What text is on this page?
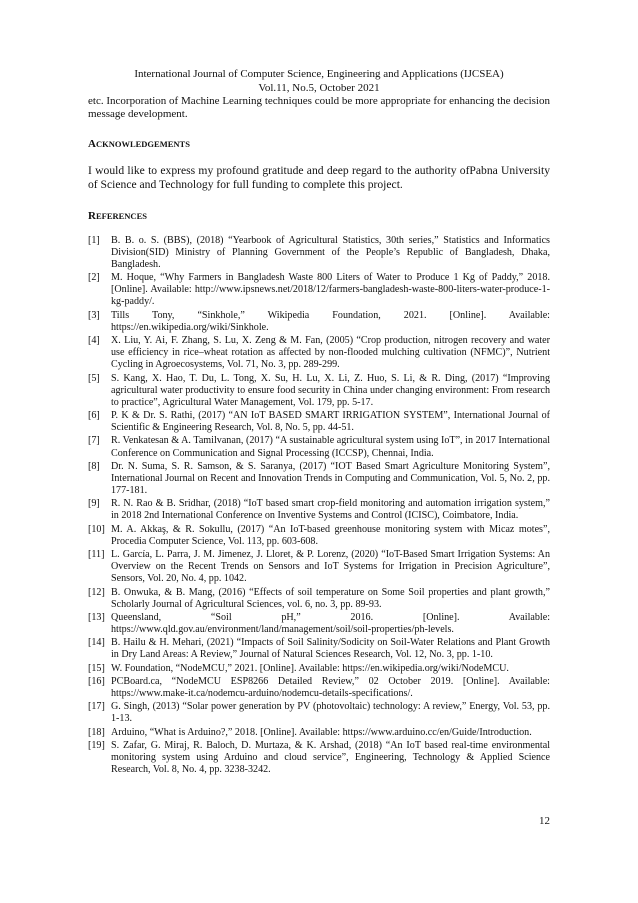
International Journal of Computer Science, Engineering and Applications (IJCSEA)
Vol.11, No.5, October 2021

etc. Incorporation of Machine Learning techniques could be more appropriate for enhancing the decision message development.

ACKNOWLEDGEMENTS

I would like to express my profound gratitude and deep regard to the authority ofPabna University of Science and Technology for full funding to complete this project.

REFERENCES
[1] B. B. o. S. (BBS), (2018) “Yearbook of Agricultural Statistics, 30th series,” Statistics and Informatics Division(SID) Ministry of Planning Government of the People’s Republic of Bangladesh, Dhaka, Bangladesh.
[2] M. Hoque, “Why Farmers in Bangladesh Waste 800 Liters of Water to Produce 1 Kg of Paddy,” 2018. [Online]. Available: http://www.ipsnews.net/2018/12/farmers-bangladesh-waste-800-liters-water-produce-1-kg-paddy/.
[3] Tills Tony, “Sinkhole,” Wikipedia Foundation, 2021. [Online]. Available: https://en.wikipedia.org/wiki/Sinkhole.
[4] X. Liu, Y. Ai, F. Zhang, S. Lu, X. Zeng & M. Fan, (2005) “Crop production, nitrogen recovery and water use efficiency in rice–wheat rotation as affected by non-flooded mulching cultivation (NFMC)”, Nutrient Cycling in Agroecosystems, Vol. 71, No. 3, pp. 289-299.
[5] S. Kang, X. Hao, T. Du, L. Tong, X. Su, H. Lu, X. Li, Z. Huo, S. Li, & R. Ding, (2017) “Improving agricultural water productivity to ensure food security in China under changing environment: From research to practice”, Agricultural Water Management, Vol. 179, pp. 5-17.
[6] P. K & Dr. S. Rathi, (2017) “AN IoT BASED SMART IRRIGATION SYSTEM”, International Journal of Scientific & Engineering Research, Vol. 8, No. 5, pp. 44-51.
[7] R. Venkatesan & A. Tamilvanan, (2017) “A sustainable agricultural system using IoT”, in 2017 International Conference on Communication and Signal Processing (ICCSP), Chennai, India.
[8] Dr. N. Suma, S. R. Samson, & S. Saranya, (2017) “IOT Based Smart Agriculture Monitoring System”, International Journal on Recent and Innovation Trends in Computing and Communication, Vol. 5, No. 2, pp. 177-181.
[9] R. N. Rao & B. Sridhar, (2018) “IoT based smart crop-field monitoring and automation irrigation system,” in 2018 2nd International Conference on Inventive Systems and Control (ICISC), Coimbatore, India.
[10] M. A. Akkaş, & R. Sokullu, (2017) “An IoT-based greenhouse monitoring system with Micaz motes”, Procedia Computer Science, Vol. 113, pp. 603-608.
[11] L. García, L. Parra, J. M. Jimenez, J. Lloret, & P. Lorenz, (2020) “IoT-Based Smart Irrigation Systems: An Overview on the Recent Trends on Sensors and IoT Systems for Irrigation in Precision Agriculture”, Sensors, Vol. 20, No. 4, pp. 1042.
[12] B. Onwuka, & B. Mang, (2016) “Effects of soil temperature on Some Soil properties and plant growth,” Scholarly Journal of Agricultural Sciences, vol. 6, no. 3, pp. 89-93.
[13] Queensland, “Soil pH,” 2016. [Online]. Available: https://www.qld.gov.au/environment/land/management/soil/soil-properties/ph-levels.
[14] B. Hailu & H. Mehari, (2021) “Impacts of Soil Salinity/Sodicity on Soil-Water Relations and Plant Growth in Dry Land Areas: A Review,” Journal of Natural Sciences Research, Vol. 12, No. 3, pp. 1-10.
[15] W. Foundation, “NodeMCU,” 2021. [Online]. Available: https://en.wikipedia.org/wiki/NodeMCU.
[16] PCBoard.ca, “NodeMCU ESP8266 Detailed Review,” 02 October 2019. [Online]. Available: https://www.make-it.ca/nodemcu-arduino/nodemcu-details-specifications/.
[17] G. Singh, (2013) “Solar power generation by PV (photovoltaic) technology: A review,” Energy, Vol. 53, pp. 1-13.
[18] Arduino, “What is Arduino?,” 2018. [Online]. Available: https://www.arduino.cc/en/Guide/Introduction.
[19] S. Zafar, G. Miraj, R. Baloch, D. Murtaza, & K. Arshad, (2018) “An IoT based real-time environmental monitoring system using Arduino and cloud service”, Engineering, Technology & Applied Science Research, Vol. 8, No. 4, pp. 3238-3242.
12
